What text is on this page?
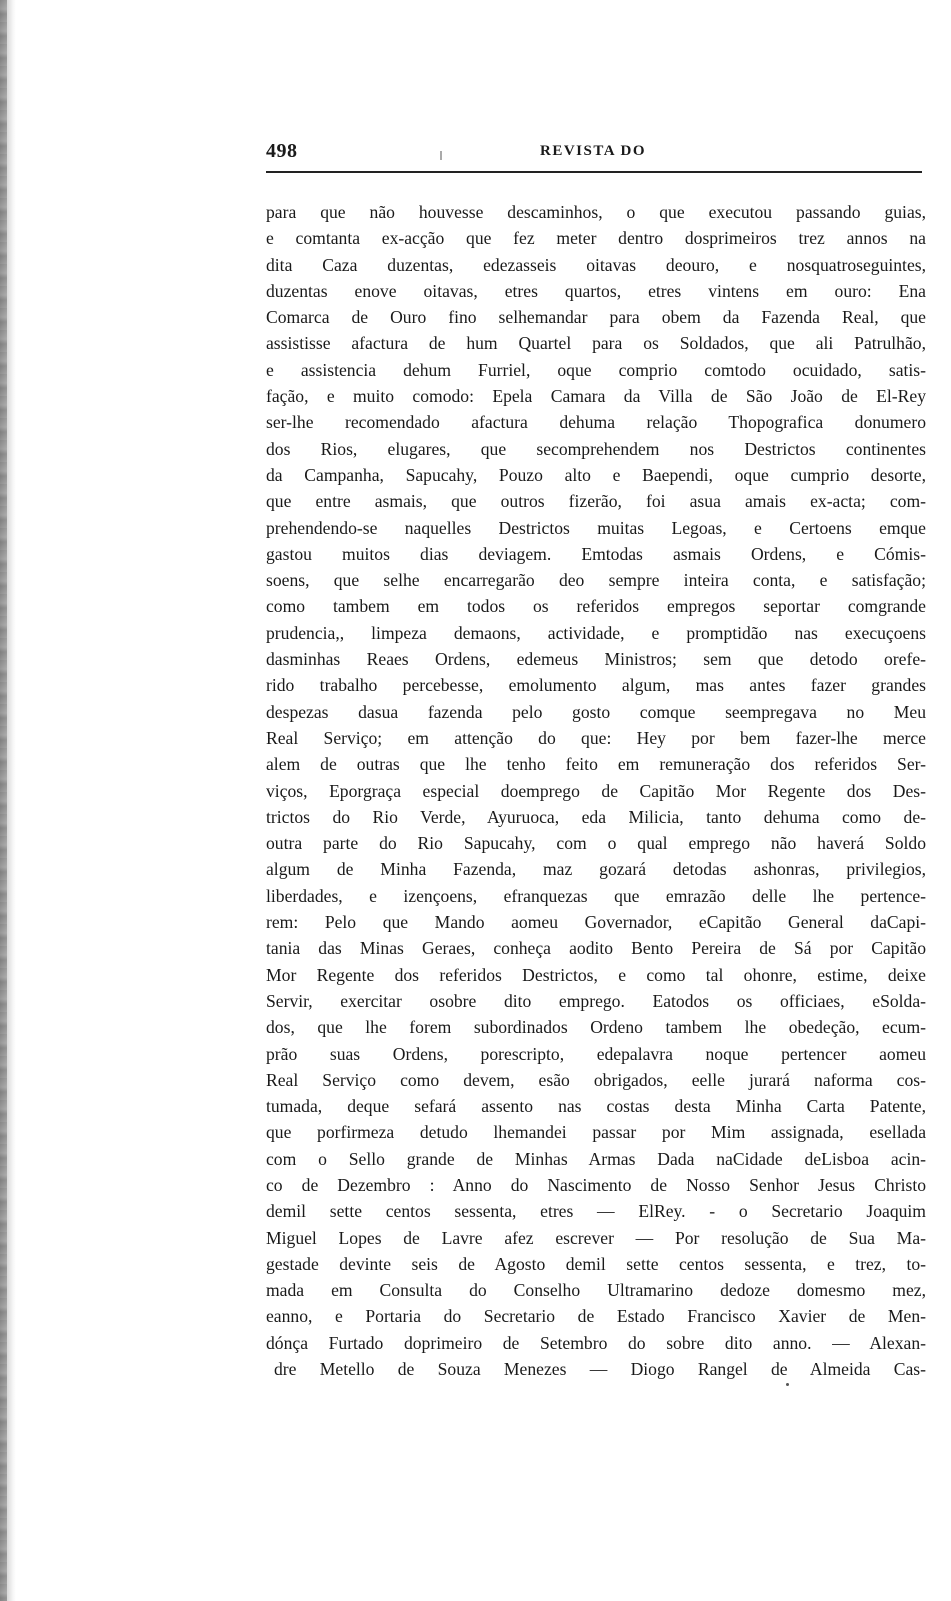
498	REVISTA DO
para que não houvesse descaminhos, o que executou passando guias,
e comtanta ex-acção que fez meter dentro dosprimeiros trez annos na
dita Caza duzentas, edezasseis oitavas deouro, e nosquatroseguintes,
duzentas enove oitavas, etres quartos, etres vintens em ouro: Ena
Comarca de Ouro fino selhemandar para obem da Fazenda Real, que
assistisse afactura de hum Quartel para os Soldados, que ali Patrulhão,
e assistencia dehum Furriel, oque comprio comtodo ocuidado, satis-
fação, e muito comodo: Epela Camara da Villa de São João de El-Rey
ser-lhe recomendado afactura dehuma relação Thopografica donumero
dos Rios, elugares, que secomprehendem nos Destrictos continentes
da Campanha, Sapucahy, Pouzo alto e Baependi, oque cumprio desorte,
que entre asmais, que outros fizerão, foi asua amais ex-acta; com-
prehendendo-se naquelles Destrictos muitas Legoas, e Certoens emque
gastou muitos dias deviagem. Emtodas asmais Ordens, e Cómis-
soens, que selhe encarregarão deo sempre inteira conta, e satisfação;
como tambem em todos os referidos empregos seportar comgrande
prudencia,, limpeza demaons, actividade, e promptidão nas execuçoens
dasminhas Reaes Ordens, edemeus Ministros; sem que detodo orefe-
rido trabalho percebesse, emolumento algum, mas antes fazer grandes
despezas dasua fazenda pelo gosto comque seempregava no Meu
Real Serviço; em attenção do que: Hey por bem fazer-lhe merce
alem de outras que lhe tenho feito em remuneração dos referidos Ser-
viços, Eporgraça especial doemprego de Capitão Mor Regente dos Des-
trictos do Rio Verde, Ayuruoca, eda Milicia, tanto dehuma como de-
outra parte do Rio Sapucahy, com o qual emprego não haverá Soldo
algum de Minha Fazenda, maz gozará detodas ashonras, privilegios,
liberdades, e izençoens, efranquezas que emrazão delle lhe pertence-
rem: Pelo que Mando aomeu Governador, eCapitão General daCapi-
tania das Minas Geraes, conheça aodito Bento Pereira de Sá por Capitão
Mor Regente dos referidos Destrictos, e como tal ohonre, estime, deixe
Servir, exercitar osobre dito emprego. Eatodos os officiaes, eSolda-
dos, que lhe forem subordinados Ordeno tambem lhe obedeção, ecum-
prão suas Ordens, porescripto, edepalavra noque pertencer aomeu
Real Serviço como devem, esão obrigados, eelle jurará naforma cos-
tumada, deque sefará assento nas costas desta Minha Carta Patente,
que porfirmeza detudo lhemandei passar por Mim assignada, esellada
com o Sello grande de Minhas Armas Dada naCidade deLisboa acin-
co de Dezembro : Anno do Nascimento de Nosso Senhor Jesus Christo
demil sette centos sessenta, etres — ElRey. - o Secretario Joaquim
Miguel Lopes de Lavre afez escrever — Por resolução de Sua Ma-
gestade devinte seis de Agosto demil sette centos sessenta, e trez, to-
mada em Consulta do Conselho Ultramarino dedoze domesmo mez,
eanno, e Portaria do Secretario de Estado Francisco Xavier de Men-
dónça Furtado doprimeiro de Setembro do sobre dito anno. — Alexan-
dre Metello de Souza Menezes — Diogo Rangel de Almeida Cas-
